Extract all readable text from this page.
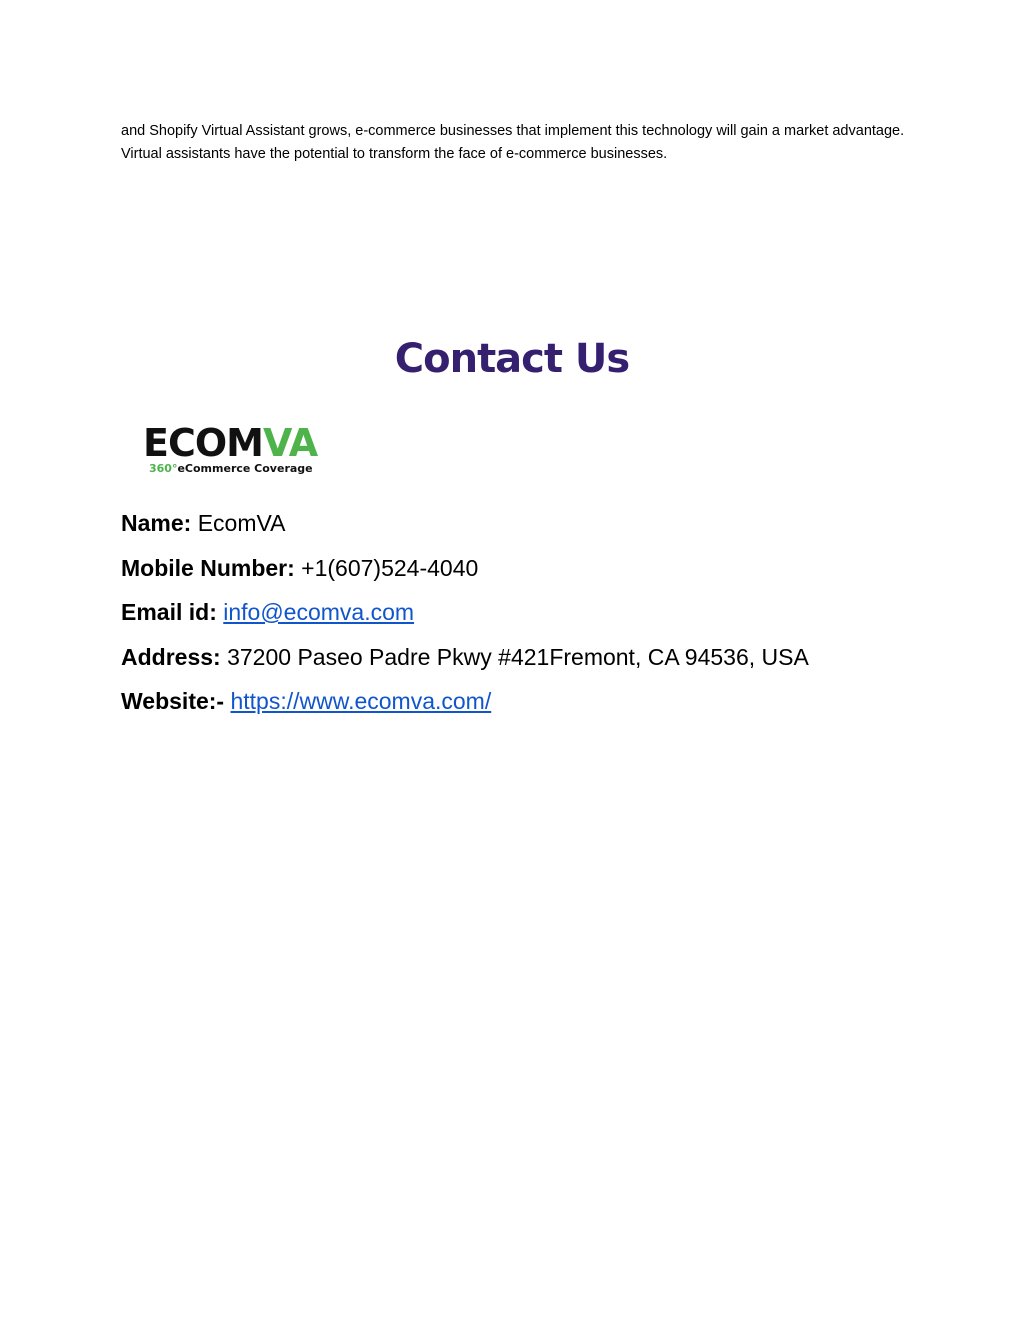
and Shopify Virtual Assistant grows, e-commerce businesses that implement this technology will gain a market advantage. Virtual assistants have the potential to transform the face of e-commerce businesses.

Contact Us
ECOMVA
360°eCommerce Coverage
Name: EcomVA
Mobile Number: +1(607)524-4040
Email id: info@ecomva.com
Address: 37200 Paseo Padre Pkwy #421Fremont, CA 94536, USA
Website:- https://www.ecomva.com/
